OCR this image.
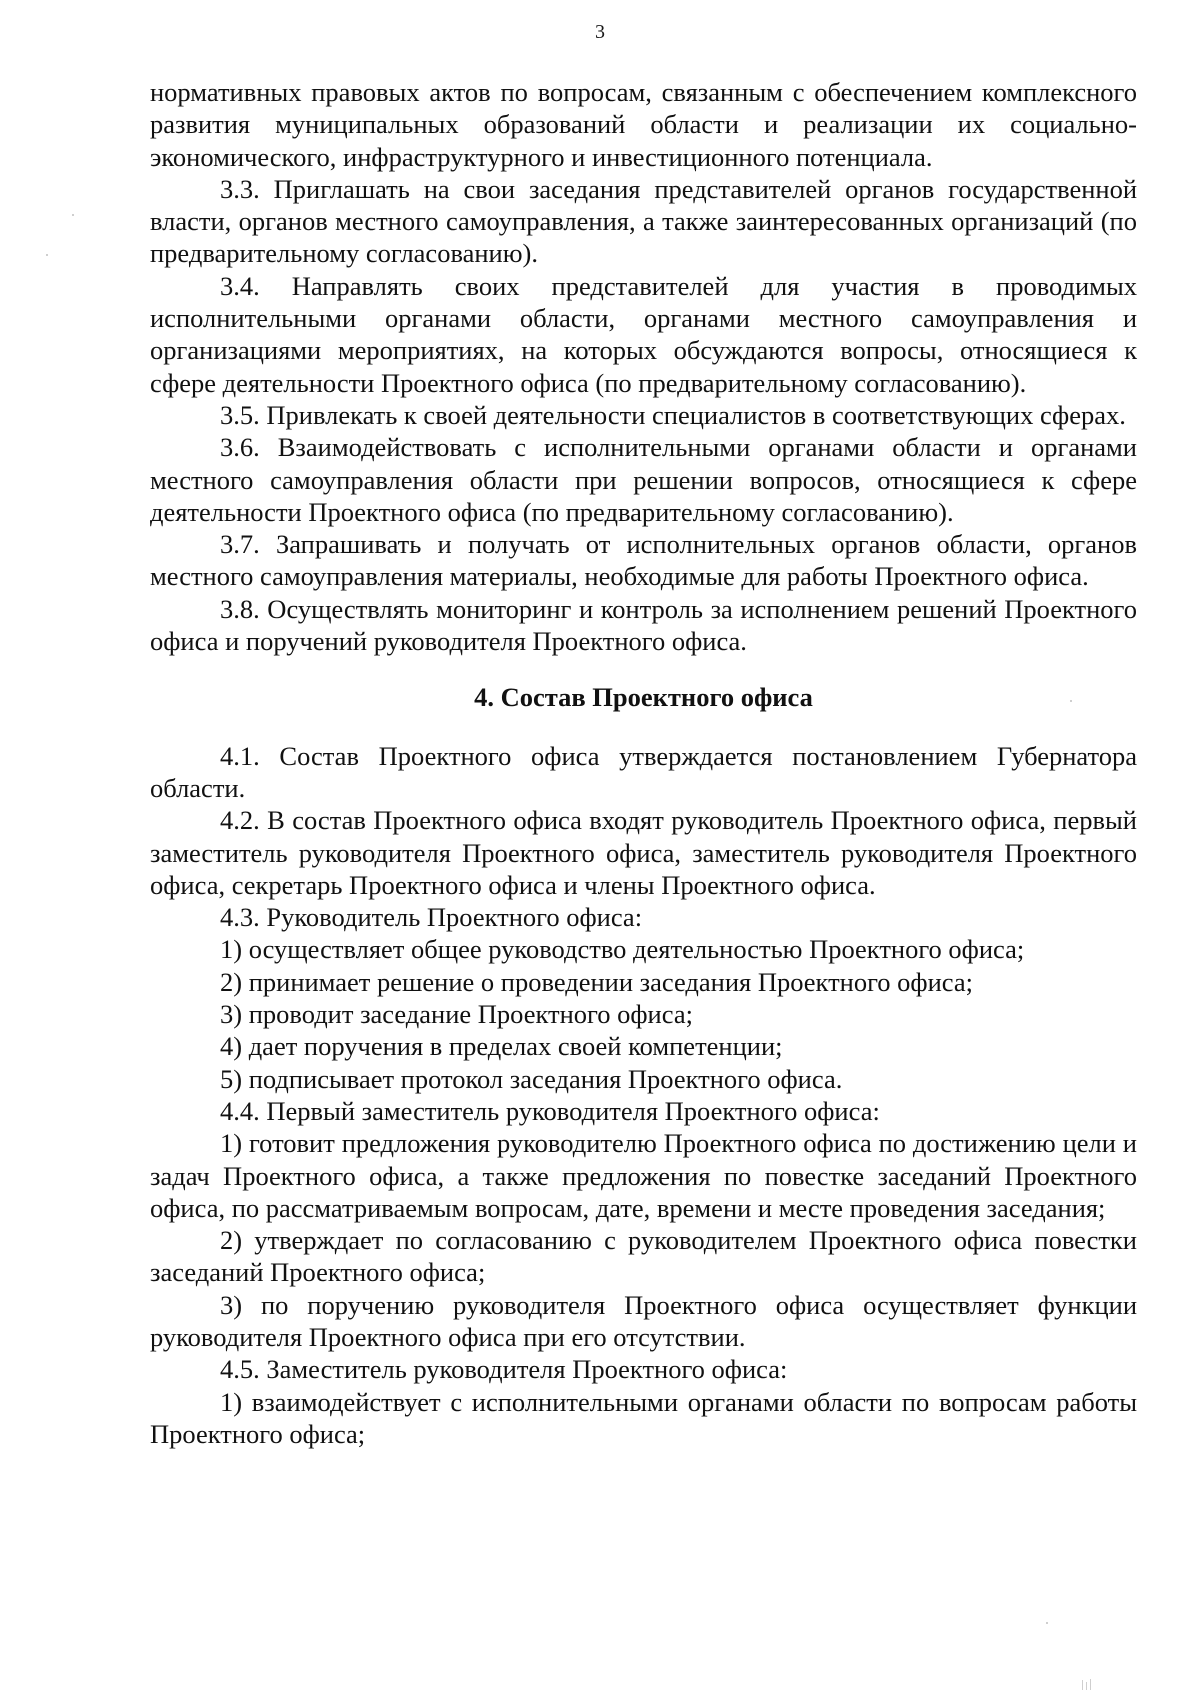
3

нормативных правовых актов по вопросам, связанным с обеспечением комплексного развития муниципальных образований области и реализации их социально-экономического, инфраструктурного и инвестиционного потенциала.

3.3. Приглашать на свои заседания представителей органов государственной власти, органов местного самоуправления, а также заинтересованных организаций (по предварительному согласованию).

3.4. Направлять своих представителей для участия в проводимых исполнительными органами области, органами местного самоуправления и организациями мероприятиях, на которых обсуждаются вопросы, относящиеся к сфере деятельности Проектного офиса (по предварительному согласованию).

3.5. Привлекать к своей деятельности специалистов в соответствующих сферах.

3.6. Взаимодействовать с исполнительными органами области и органами местного самоуправления области при решении вопросов, относящиеся к сфере деятельности Проектного офиса (по предварительному согласованию).

3.7. Запрашивать и получать от исполнительных органов области, органов местного самоуправления материалы, необходимые для работы Проектного офиса.

3.8. Осуществлять мониторинг и контроль за исполнением решений Проектного офиса и поручений руководителя Проектного офиса.

4. Состав Проектного офиса

4.1. Состав Проектного офиса утверждается постановлением Губернатора области.

4.2. В состав Проектного офиса входят руководитель Проектного офиса, первый заместитель руководителя Проектного офиса, заместитель руководителя Проектного офиса, секретарь Проектного офиса и члены Проектного офиса.

4.3. Руководитель Проектного офиса:

1) осуществляет общее руководство деятельностью Проектного офиса;

2) принимает решение о проведении заседания Проектного офиса;

3) проводит заседание Проектного офиса;

4) дает поручения в пределах своей компетенции;

5) подписывает протокол заседания Проектного офиса.

4.4. Первый заместитель руководителя Проектного офиса:

1) готовит предложения руководителю Проектного офиса по достижению цели и задач Проектного офиса, а также предложения по повестке заседаний Проектного офиса, по рассматриваемым вопросам, дате, времени и месте проведения заседания;

2) утверждает по согласованию с руководителем Проектного офиса повестки заседаний Проектного офиса;

3) по поручению руководителя Проектного офиса осуществляет функции руководителя Проектного офиса при его отсутствии.

4.5. Заместитель руководителя Проектного офиса:

1) взаимодействует с исполнительными органами области по вопросам работы Проектного офиса;
